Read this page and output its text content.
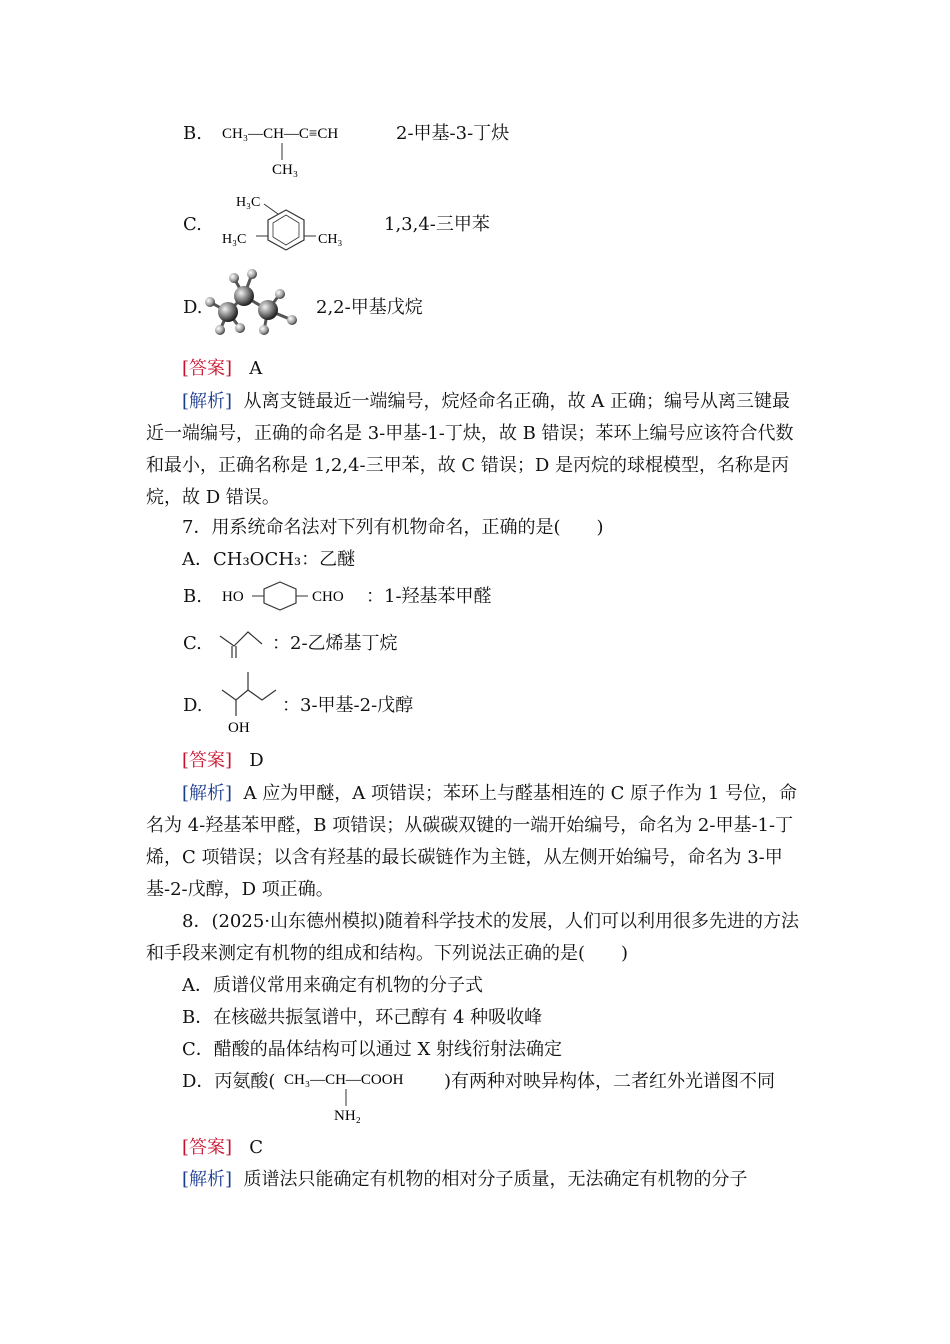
B. CH₃—CH—C≡CH
CH₃
2-甲基-3-丁炔
C.
H₃C
H₃C	CH₃
1,3,4-三甲苯
D.	2,2-甲基戊烷
[答案] A
[解析] 从离支链最近一端编号，烷烃命名正确，故 A 正确；编号从离三键最近一端编号，正确的命名是 3-甲基-1-丁炔，故 B 错误；苯环上编号应该符合代数和最小，正确名称是 1,2,4-三甲苯，故 C 错误；D 是丙烷的球棍模型，名称是丙烷，故 D 错误。
7．用系统命名法对下列有机物命名，正确的是(　　)
A．CH₃OCH₃：乙醚
B. HO	CHO ：1-羟基苯甲醛
C.	：2-乙烯基丁烷
D.
OH
：3-甲基-2-戊醇
[答案] D
[解析] A 应为甲醚，A 项错误；苯环上与醛基相连的 C 原子作为 1 号位，命名为 4-羟基苯甲醛，B 项错误；从碳碳双键的一端开始编号，命名为 2-甲基-1-丁烯，C 项错误；以含有羟基的最长碳链作为主链，从左侧开始编号，命名为 3-甲基-2-戊醇，D 项正确。
8．(2025·山东德州模拟)随着科学技术的发展，人们可以利用很多先进的方法和手段来测定有机物的组成和结构。下列说法正确的是(　　)
A．质谱仪常用来确定有机物的分子式
B．在核磁共振氢谱中，环己醇有 4 种吸收峰
C．醋酸的晶体结构可以通过 X 射线衍射法确定
D．丙氨酸( CH₃—CH—COOH
NH₂
)有两种对映异构体，二者红外光谱图不同
[答案] C
[解析] 质谱法只能确定有机物的相对分子质量，无法确定有机物的分子
